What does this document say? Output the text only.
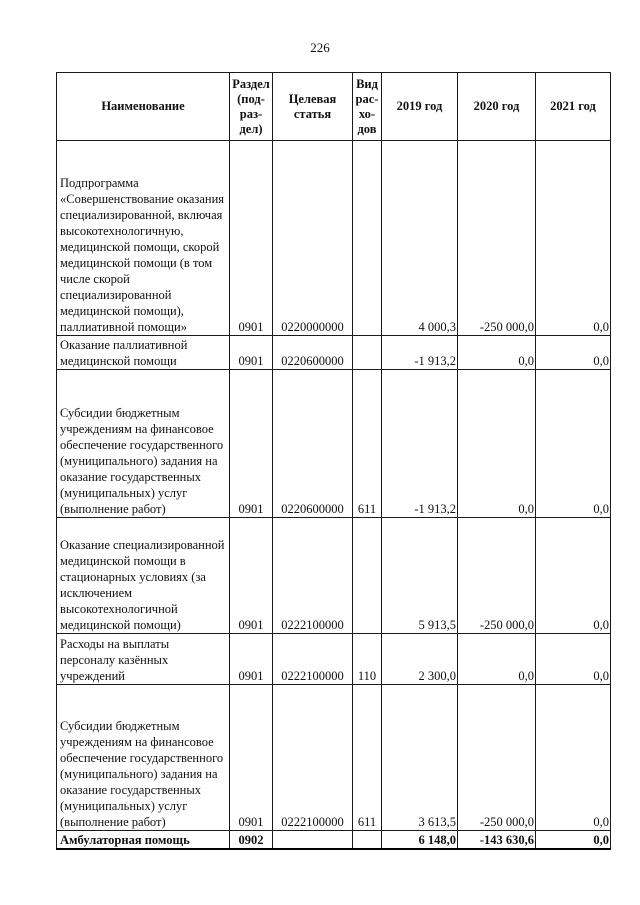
226
Наименование	Раздел (под-раз-дел)	Целевая статья	Вид рас-хо-дов	2019 год	2020 год	2021 год
Подпрограмма «Совершенствование оказания специализированной, включая высокотехнологичную, медицинской помощи, скорой медицинской помощи (в том числе скорой специализированной медицинской помощи), паллиативной помощи»	0901	0220000000		4 000,3	-250 000,0	0,0
Оказание паллиативной медицинской помощи	0901	0220600000		-1 913,2	0,0	0,0
Субсидии бюджетным учреждениям на финансовое обеспечение государственного (муниципального) задания на оказание государственных (муниципальных) услуг (выполнение работ)	0901	0220600000	611	-1 913,2	0,0	0,0
Оказание специализированной медицинской помощи в стационарных условиях (за исключением высокотехнологичной медицинской помощи)	0901	0222100000		5 913,5	-250 000,0	0,0
Расходы на выплаты персоналу казённых учреждений	0901	0222100000	110	2 300,0	0,0	0,0
Субсидии бюджетным учреждениям на финансовое обеспечение государственного (муниципального) задания на оказание государственных (муниципальных) услуг (выполнение работ)	0901	0222100000	611	3 613,5	-250 000,0	0,0
Амбулаторная помощь	0902			6 148,0	-143 630,6	0,0
